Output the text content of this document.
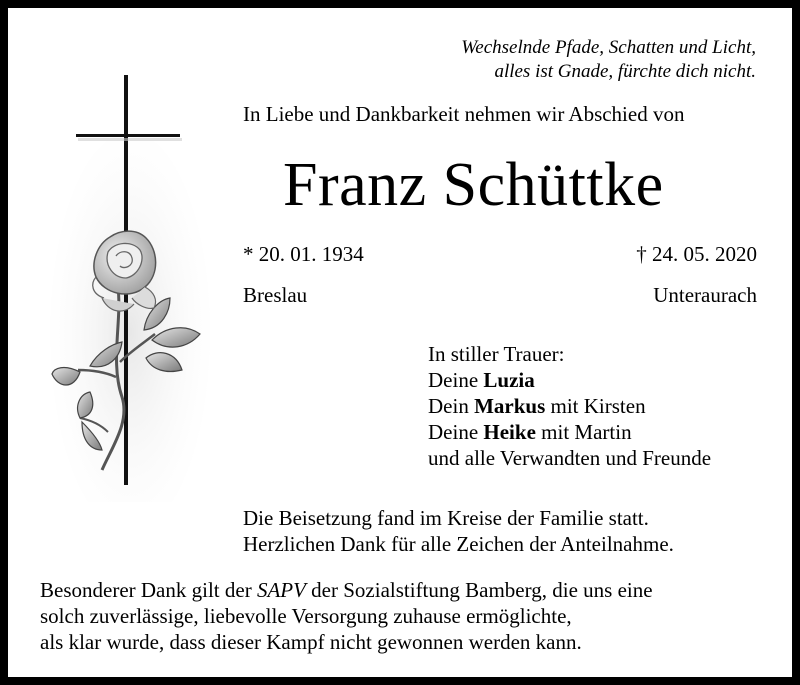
Wechselnde Pfade, Schatten und Licht,
alles ist Gnade, fürchte dich nicht.
In Liebe und Dankbarkeit nehmen wir Abschied von
Franz Schüttke
* 20. 01. 1934	† 24. 05. 2020
Breslau	Unteraurach
In stiller Trauer:
Deine Luzia
Dein Markus mit Kirsten
Deine Heike mit Martin
und alle Verwandten und Freunde
Die Beisetzung fand im Kreise der Familie statt.
Herzlichen Dank für alle Zeichen der Anteilnahme.
Besonderer Dank gilt der SAPV der Sozialstiftung Bamberg, die uns eine
solch zuverlässige, liebevolle Versorgung zuhause ermöglichte,
als klar wurde, dass dieser Kampf nicht gewonnen werden kann.
